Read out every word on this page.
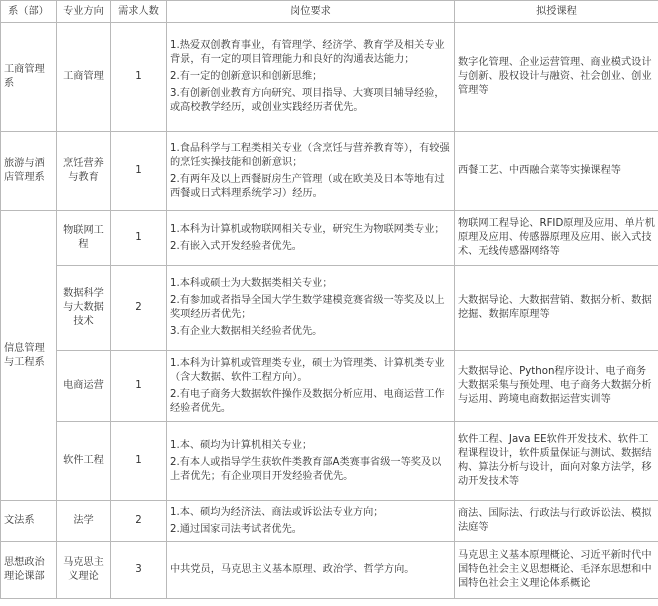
系（部）	专业方向	需求人数	岗位要求	拟授课程
工商管理系	工商管理	1	1.热爱双创教育事业，有管理学、经济学、教育学及相关专业背景，有一定的项目管理能力和良好的沟通表达能力；

2.有一定的创新意识和创新思维；

3.有创新创业教育方向研究、项目指导、大赛项目辅导经验，或高校教学经历，或创业实践经历者优先。	数字化管理、企业运营管理、商业模式设计与创新、股权设计与融资、社会创业、创业管理等
旅游与酒店管理系	烹饪营养与教育	1	1.食品科学与工程类相关专业（含烹饪与营养教育等），有较强的烹饪实操技能和创新意识；

2.有两年及以上西餐厨房生产管理（或在欧美及日本等地有过西餐或日式料理系统学习）经历。	西餐工艺、中西融合菜等实操课程等
信息管理与工程系	物联网工程	1	1.本科为计算机或物联网相关专业，研究生为物联网类专业；

2.有嵌入式开发经验者优先。	物联网工程导论、RFID原理及应用、单片机原理及应用、传感器原理及应用、嵌入式技术、无线传感器网络等
	数据科学与大数据技术	2	1.本科或硕士为大数据类相关专业；

2.有参加或者指导全国大学生数学建模竞赛省级一等奖及以上奖项经历者优先；

3.有企业大数据相关经验者优先。	大数据导论、大数据营销、数据分析、数据挖掘、数据库原理等
	电商运营	1	1.本科为计算机或管理类专业，硕士为管理类、计算机类专业（含大数据、软件工程方向）。

2.有电子商务大数据软件操作及数据分析应用、电商运营工作经验者优先。	大数据导论、Python程序设计、电子商务大数据采集与预处理、电子商务大数据分析与运用、跨境电商数据运营实训等
	软件工程	1	1.本、硕均为计算机相关专业；

2.有本人或指导学生获软件类教育部A类赛事省级一等奖及以上者优先；有企业项目开发经验者优先。	软件工程、Java EE软件开发技术、软件工程课程设计，软件质量保证与测试、数据结构、算法分析与设计，面向对象方法学，移动开发技术等
文法系	法学	2	1.本、硕均为经济法、商法或诉讼法专业方向；

2.通过国家司法考试者优先。	商法、国际法、行政法与行政诉讼法、模拟法庭等
思想政治理论课部	马克思主义理论	3	中共党员，马克思主义基本原理、政治学、哲学方向。	马克思主义基本原理概论、习近平新时代中国特色社会主义思想概论、毛泽东思想和中国特色社会主义理论体系概论
